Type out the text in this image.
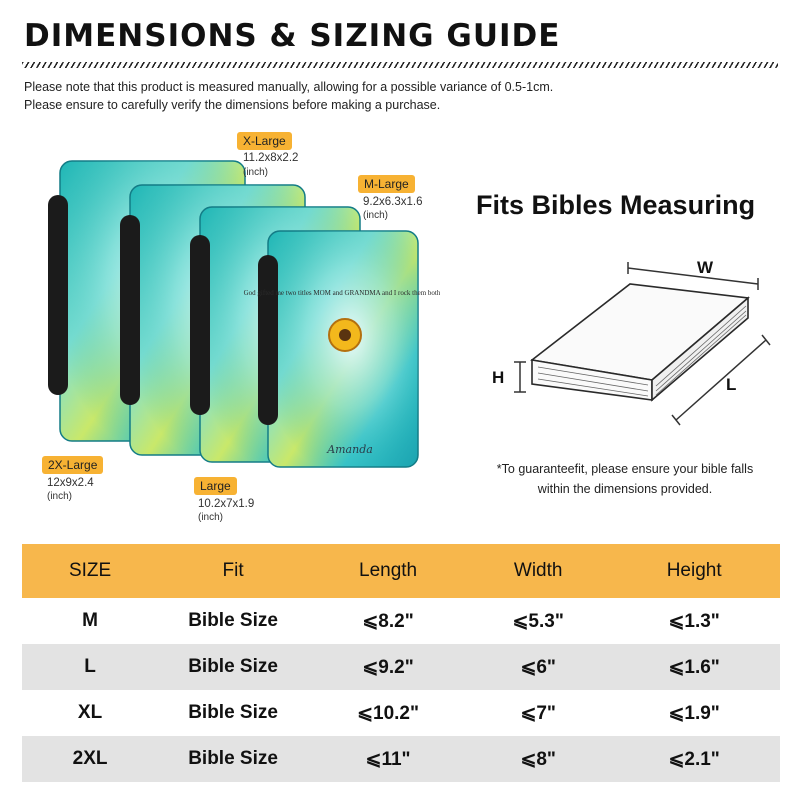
DIMENSIONS & SIZING GUIDE
Please note that this product is measured manually, allowing for a possible variance of 0.5-1cm.
Please ensure to carefully verify the dimensions before making a purchase.
God gifted me two titles MOM and GRANDMA and I rock them both
Amanda
X-Large
11.2x8x2.2
(inch)
M-Large
9.2x6.3x1.6
(inch)
2X-Large
12x9x2.4
(inch)
Large
10.2x7x1.9
(inch)
Fits Bibles Measuring
W
H	L
*To guaranteefit, please ensure your bible falls
within the dimensions provided.
SIZE	Fit	Length	Width	Height
M	Bible Size	⩽8.2"	⩽5.3"	⩽1.3"
L	Bible Size	⩽9.2"	⩽6"	⩽1.6"
XL	Bible Size	⩽10.2"	⩽7"	⩽1.9"
2XL	Bible Size	⩽11"	⩽8"	⩽2.1"
